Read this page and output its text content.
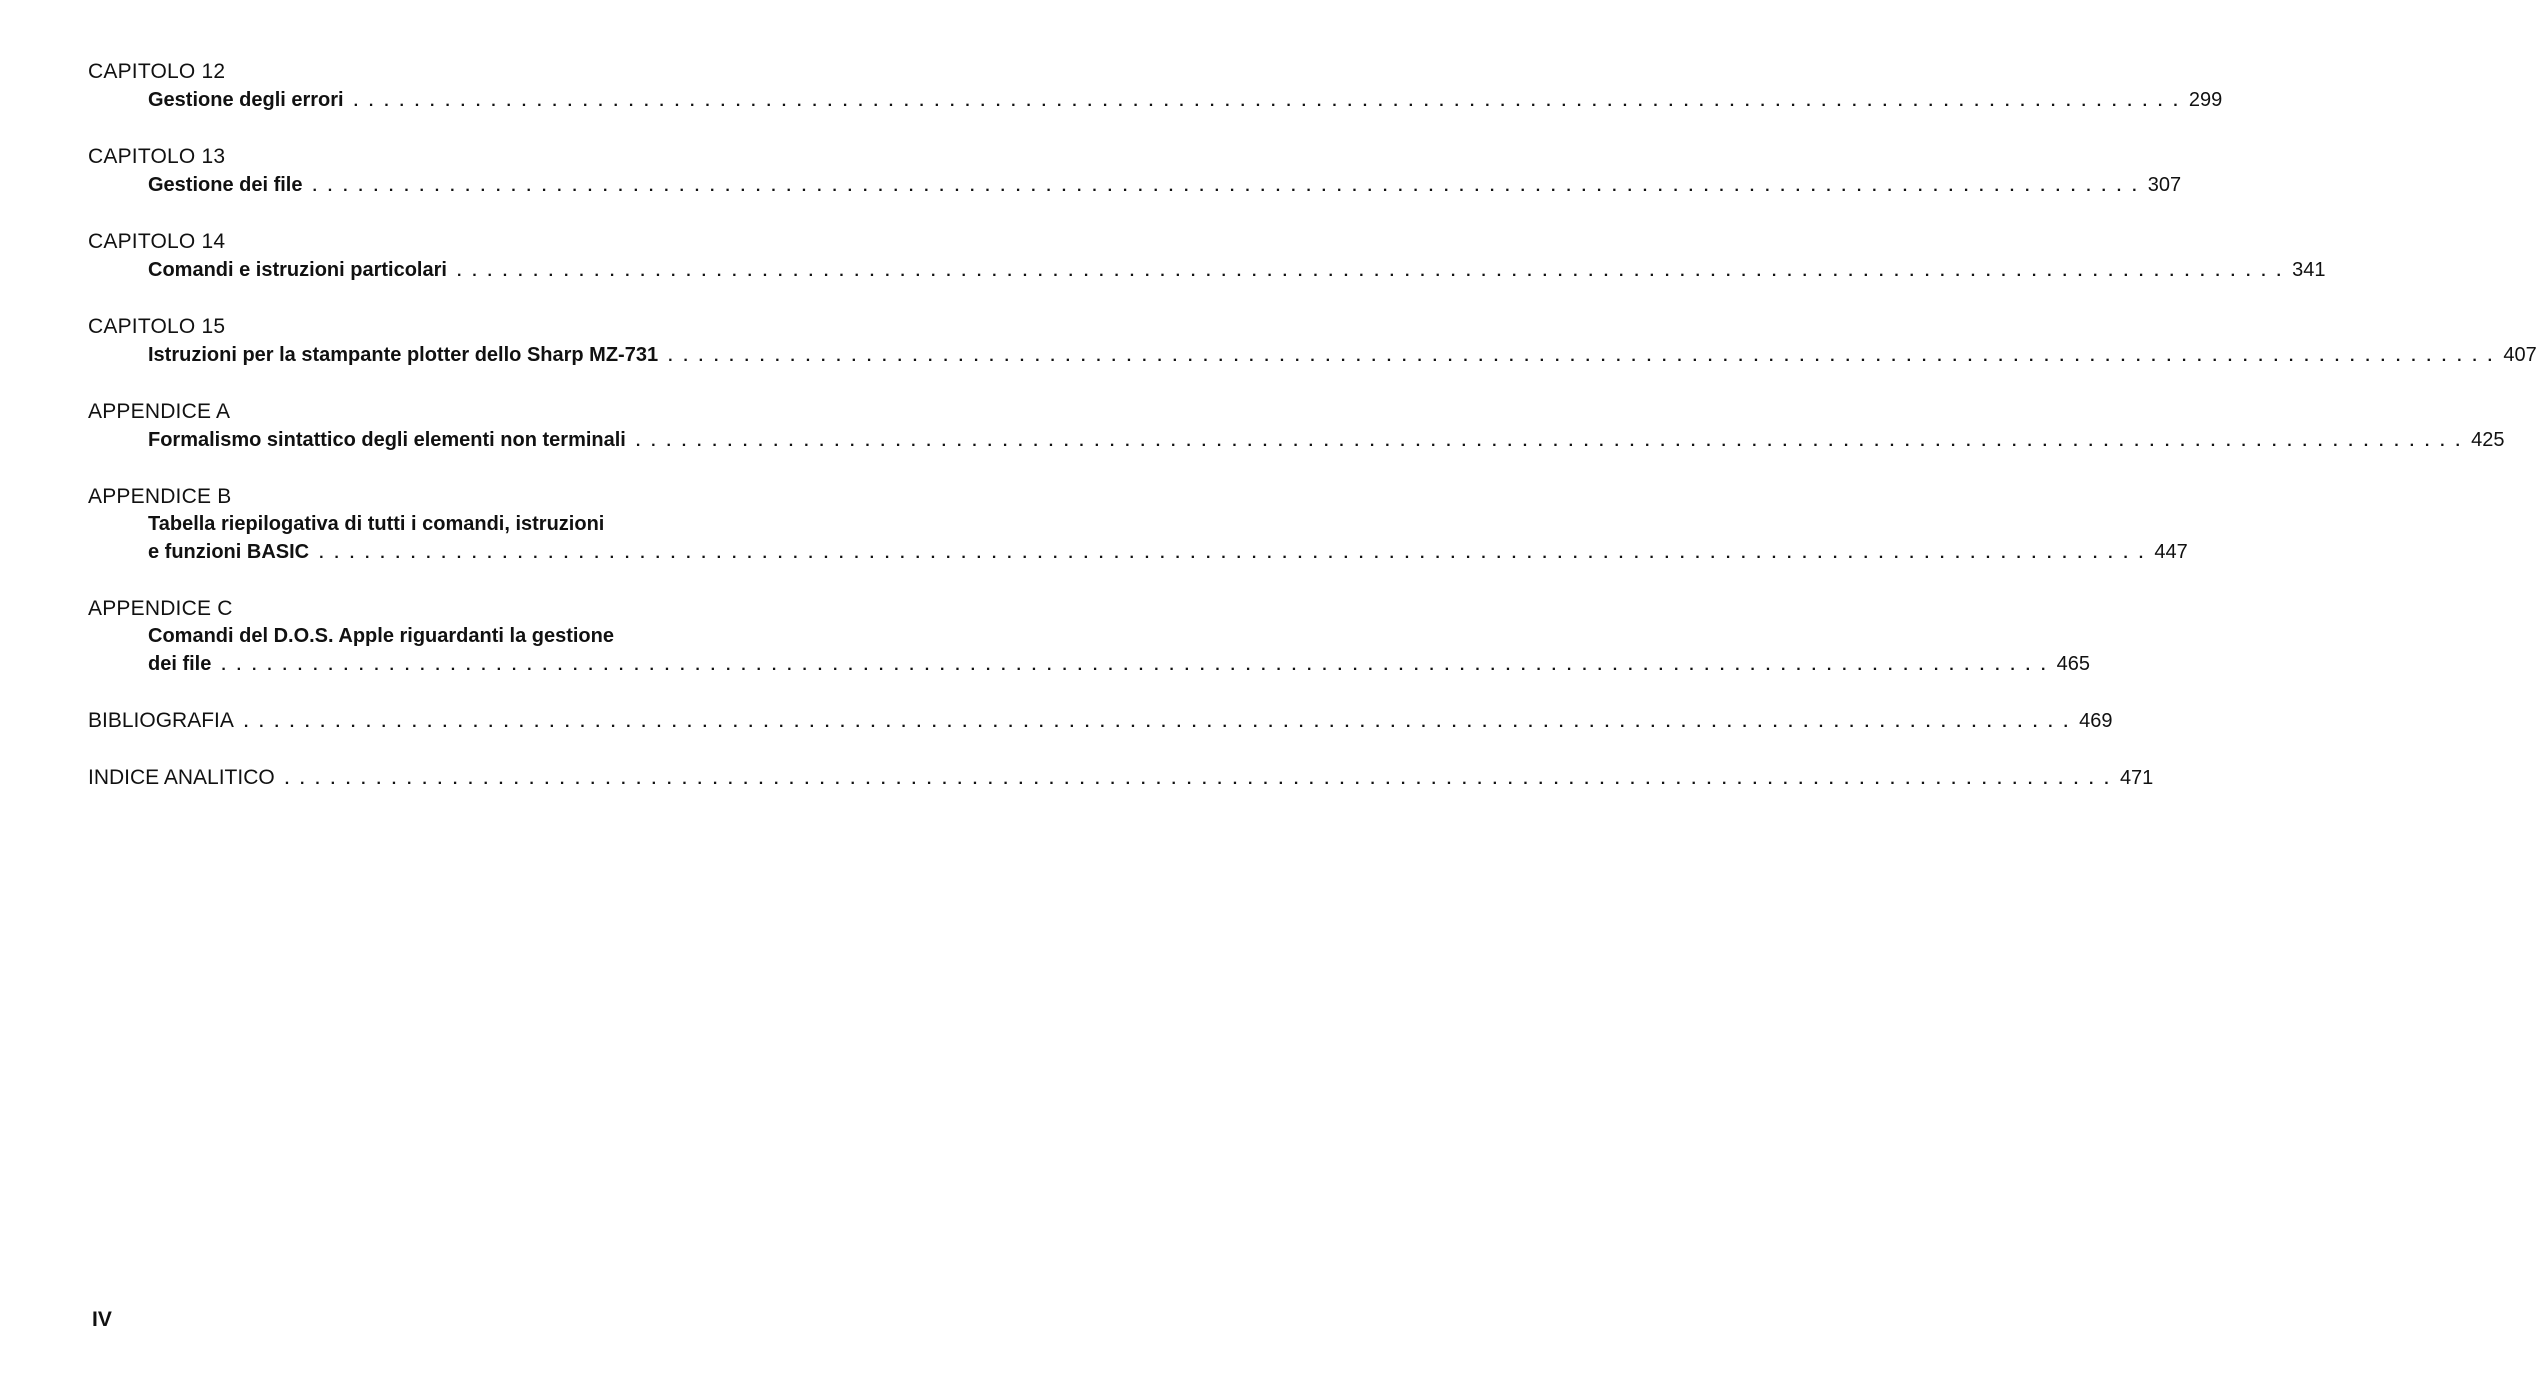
CAPITOLO 12
Gestione degli errori . . . . . . . . . . . . . . . . . . . . . . . . . . . . . . . . . . . . . . . . . . . . . . . . . . . . . . . . . . . . . . . . . . . . . . . . . . . . . . . . . . . . . . . . . . . . . . . . . . . . . . . . . . . . . . . . . . . . . . . . 299
CAPITOLO 13
Gestione dei file . . . . . . . . . . . . . . . . . . . . . . . . . . . . . . . . . . . . . . . . . . . . . . . . . . . . . . . . . . . . . . . . . . . . . . . . . . . . . . . . . . . . . . . . . . . . . . . . . . . . . . . . . . . . . . . . . . . . . . . . 307
CAPITOLO 14
Comandi e istruzioni particolari . . . . . . . . . . . . . . . . . . . . . . . . . . . . . . . . . . . . . . . . . . . . . . . . . . . . . . . . . . . . . . . . . . . . . . . . . . . . . . . . . . . . . . . . . . . . . . . . . . . . . . . . . . . . . . . . . . . . . . . . 341
CAPITOLO 15
Istruzioni per la stampante plotter dello Sharp MZ-731 . . . . . . . . . . . . . . . . . . . . . . . . . . . . . . . . . . . . . . . . . . . . . . . . . . . . . . . . . . . . . . . . . . . . . . . . . . . . . . . . . . . . . . . . . . . . . . . . . . . . . . . . . . . . . . . . . . . . . . . . 407
APPENDICE A
Formalismo sintattico degli elementi non terminali . . . . . . . . . . . . . . . . . . . . . . . . . . . . . . . . . . . . . . . . . . . . . . . . . . . . . . . . . . . . . . . . . . . . . . . . . . . . . . . . . . . . . . . . . . . . . . . . . . . . . . . . . . . . . . . . . . . . . . . . 425
APPENDICE B
Tabella riepilogativa di tutti i comandi, istruzioni
e funzioni BASIC . . . . . . . . . . . . . . . . . . . . . . . . . . . . . . . . . . . . . . . . . . . . . . . . . . . . . . . . . . . . . . . . . . . . . . . . . . . . . . . . . . . . . . . . . . . . . . . . . . . . . . . . . . . . . . . . . . . . . . . . 447
APPENDICE C
Comandi del D.O.S. Apple riguardanti la gestione
dei file . . . . . . . . . . . . . . . . . . . . . . . . . . . . . . . . . . . . . . . . . . . . . . . . . . . . . . . . . . . . . . . . . . . . . . . . . . . . . . . . . . . . . . . . . . . . . . . . . . . . . . . . . . . . . . . . . . . . . . . . 465
BIBLIOGRAFIA . . . . . . . . . . . . . . . . . . . . . . . . . . . . . . . . . . . . . . . . . . . . . . . . . . . . . . . . . . . . . . . . . . . . . . . . . . . . . . . . . . . . . . . . . . . . . . . . . . . . . . . . . . . . . . . . . . . . . . . . 469
INDICE ANALITICO . . . . . . . . . . . . . . . . . . . . . . . . . . . . . . . . . . . . . . . . . . . . . . . . . . . . . . . . . . . . . . . . . . . . . . . . . . . . . . . . . . . . . . . . . . . . . . . . . . . . . . . . . . . . . . . . . . . . . . . . 471
IV
